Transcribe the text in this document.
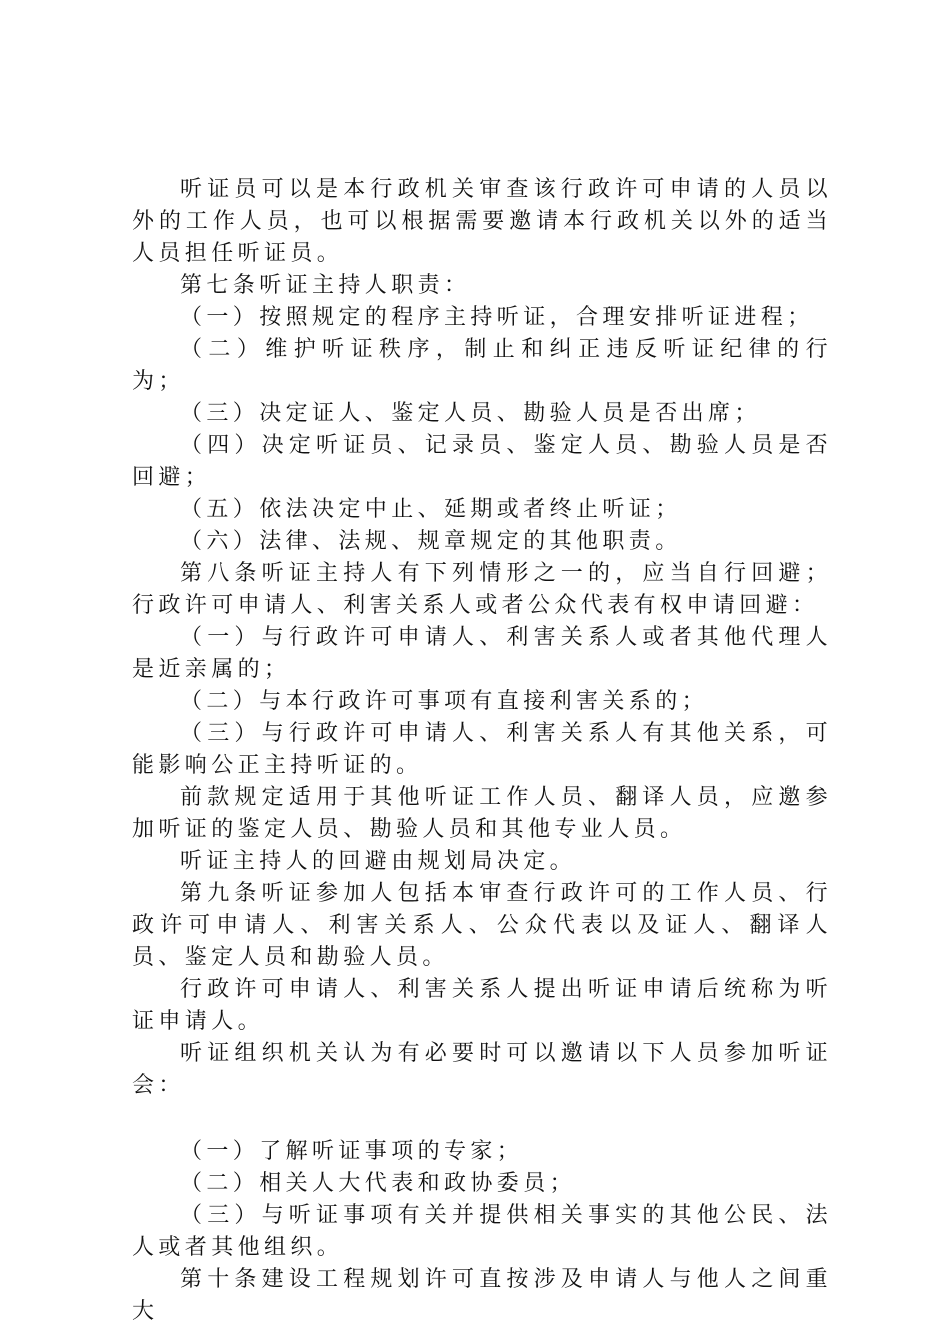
听证员可以是本行政机关审查该行政许可申请的人员以外的工作人员，也可以根据需要邀请本行政机关以外的适当人员担任听证员。

第七条听证主持人职责：

（一）按照规定的程序主持听证，合理安排听证进程；

（二）维护听证秩序，制止和纠正违反听证纪律的行为；

（三）决定证人、鉴定人员、勘验人员是否出席；

（四）决定听证员、记录员、鉴定人员、勘验人员是否回避；

（五）依法决定中止、延期或者终止听证；

（六）法律、法规、规章规定的其他职责。

第八条听证主持人有下列情形之一的，应当自行回避；行政许可申请人、利害关系人或者公众代表有权申请回避：

（一）与行政许可申请人、利害关系人或者其他代理人是近亲属的；

（二）与本行政许可事项有直接利害关系的；

（三）与行政许可申请人、利害关系人有其他关系，可能影响公正主持听证的。

前款规定适用于其他听证工作人员、翻译人员，应邀参加听证的鉴定人员、勘验人员和其他专业人员。

听证主持人的回避由规划局决定。

第九条听证参加人包括本审查行政许可的工作人员、行政许可申请人、利害关系人、公众代表以及证人、翻译人员、鉴定人员和勘验人员。

行政许可申请人、利害关系人提出听证申请后统称为听证申请人。

听证组织机关认为有必要时可以邀请以下人员参加听证会：

（一）了解听证事项的专家；

（二）相关人大代表和政协委员；

（三）与听证事项有关并提供相关事实的其他公民、法人或者其他组织。

第十条建设工程规划许可直按涉及申请人与他人之间重大
